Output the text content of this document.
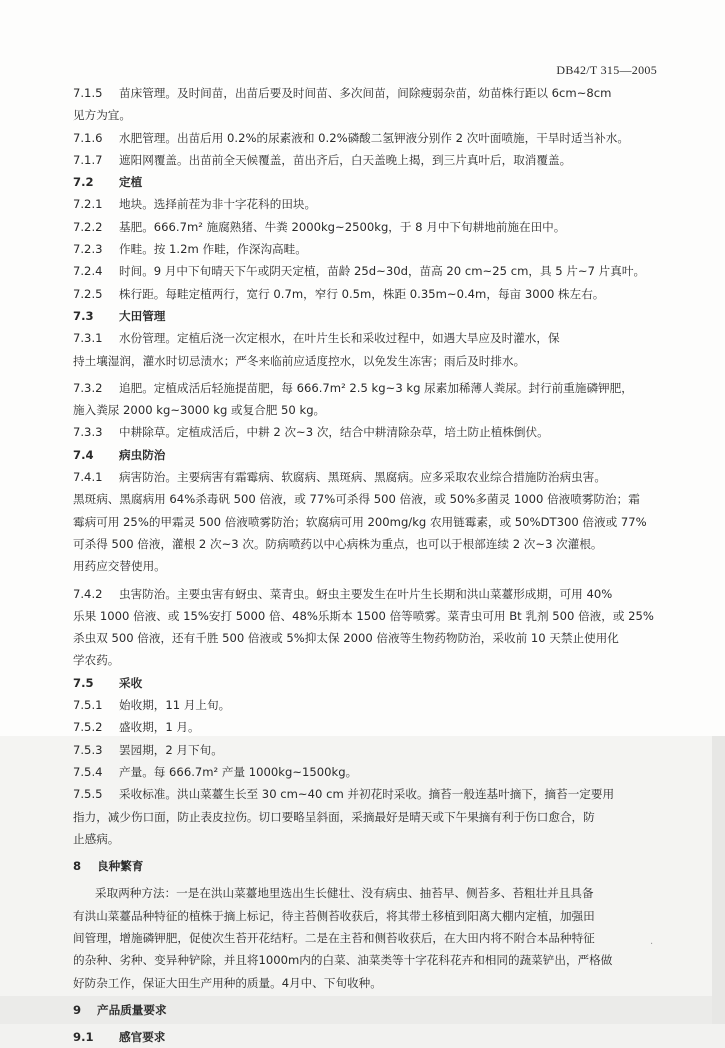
DB42/T 315—2005
7.1.5	苗床管理。及时间苗，出苗后要及时间苗、多次间苗，间除瘦弱杂苗，幼苗株行距以 6cm~8cm
见方为宜。
7.1.6	水肥管理。出苗后用 0.2%的尿素液和 0.2%磷酸二氢钾液分别作 2 次叶面喷施，干旱时适当补水。
7.1.7	遮阳网覆盖。出苗前全天候覆盖，苗出齐后，白天盖晚上揭，到三片真叶后，取消覆盖。
7.2	定植
7.2.1	地块。选择前茬为非十字花科的田块。
7.2.2	基肥。666.7m² 施腐熟猪、牛粪 2000kg~2500kg，于 8 月中下旬耕地前施在田中。
7.2.3	作畦。按 1.2m 作畦，作深沟高畦。
7.2.4	时间。9 月中下旬晴天下午或阴天定植，苗龄 25d~30d，苗高 20 cm~25 cm，具 5 片~7 片真叶。
7.2.5	株行距。每畦定植两行，宽行 0.7m，窄行 0.5m，株距 0.35m~0.4m，每亩 3000 株左右。
7.3	大田管理
7.3.1	水份管理。定植后浇一次定根水，在叶片生长和采收过程中，如遇大旱应及时灌水，保
持土壤湿润，灌水时切忌渍水；严冬来临前应适度控水，以免发生冻害；雨后及时排水。
7.3.2	追肥。定植成活后轻施提苗肥，每 666.7m² 2.5 kg~3 kg 尿素加稀薄人粪尿。封行前重施磷钾肥，
施入粪尿 2000 kg~3000 kg 或复合肥 50 kg。
7.3.3	中耕除草。定植成活后，中耕 2 次~3 次，结合中耕清除杂草，培土防止植株倒伏。
7.4	病虫防治
7.4.1	病害防治。主要病害有霜霉病、软腐病、黑斑病、黑腐病。应多采取农业综合措施防治病虫害。
黑斑病、黑腐病用 64%杀毒矾 500 倍液，或 77%可杀得 500 倍液，或 50%多菌灵 1000 倍液喷雾防治；霜
霉病可用 25%的甲霜灵 500 倍液喷雾防治；软腐病可用 200mg/kg 农用链霉素，或 50%DT300 倍液或 77%
可杀得 500 倍液，灌根 2 次~3 次。防病喷药以中心病株为重点，也可以于根部连续 2 次~3 次灌根。
用药应交替使用。
7.4.2	虫害防治。主要虫害有蚜虫、菜青虫。蚜虫主要发生在叶片生长期和洪山菜薹形成期，可用 40%
乐果 1000 倍液、或 15%安打 5000 倍、48%乐斯本 1500 倍等喷雾。菜青虫可用 Bt 乳剂 500 倍液，或 25%
杀虫双 500 倍液，还有千胜 500 倍液或 5%抑太保 2000 倍液等生物药物防治，采收前 10 天禁止使用化
学农药。
7.5	采收
7.5.1	始收期，11 月上旬。
7.5.2	盛收期，1 月。
7.5.3	罢园期，2 月下旬。
7.5.4	产量。每 666.7m² 产量 1000kg~1500kg。
7.5.5	采收标准。洪山菜薹生长至 30 cm~40 cm 并初花时采收。摘苔一般连基叶摘下，摘苔一定要用
指力，减少伤口面，防止表皮拉伤。切口要略呈斜面，采摘最好是晴天或下午果摘有利于伤口愈合，防
止感病。
8	良种繁育
采取两种方法：一是在洪山菜薹地里选出生长健壮、没有病虫、抽苔早、侧苔多、苔粗壮并且具备
有洪山菜薹品种特征的植株于摘上标记，待主苔侧苔收获后，将其带土移植到阳离大棚内定植，加强田
间管理，增施磷钾肥，促使次生苔开花结籽。二是在主苔和侧苔收获后，在大田内将不附合本品种特征
的杂种、劣种、变异种铲除，并且将1000m内的白菜、油菜类等十字花科花卉和相同的蔬菜铲出，严格做
好防杂工作，保证大田生产用种的质量。4月中、下旬收种。
9	产品质量要求
9.1	感官要求
·
